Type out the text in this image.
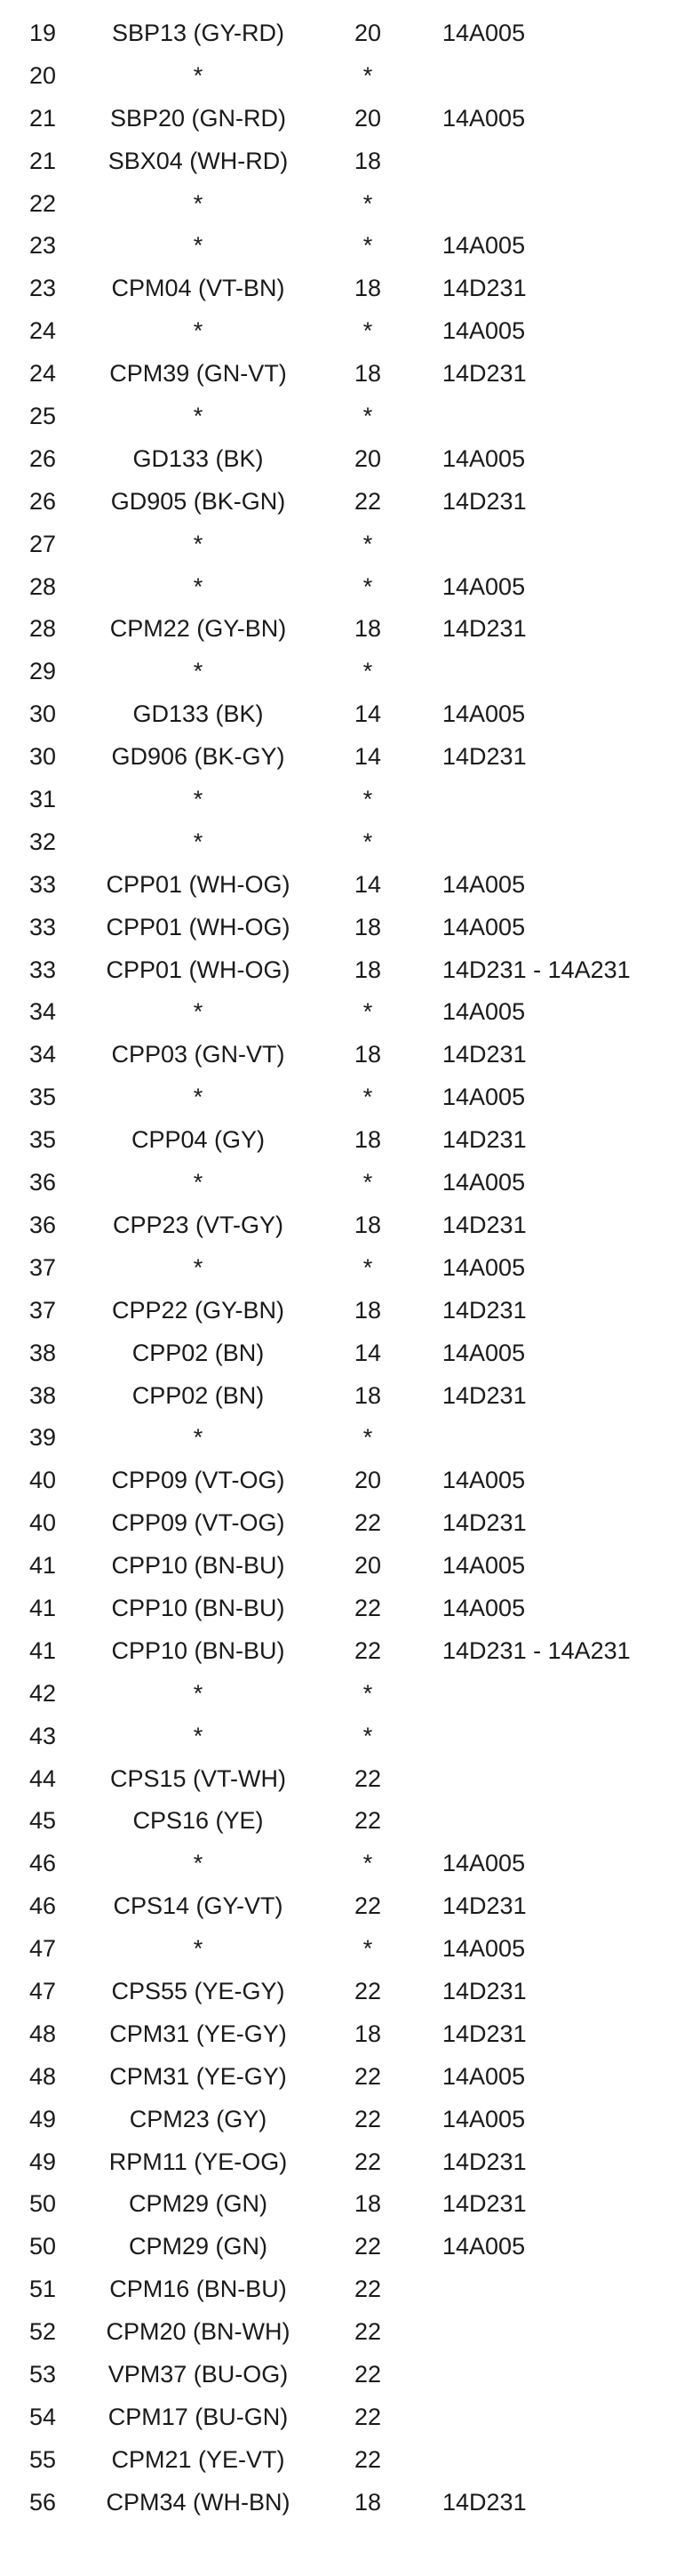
19	SBP13 (GY-RD)	20	14A005
20	*	*
21	SBP20 (GN-RD)	20	14A005
21	SBX04 (WH-RD)	18
22	*	*
23	*	*	14A005
23	CPM04 (VT-BN)	18	14D231
24	*	*	14A005
24	CPM39 (GN-VT)	18	14D231
25	*	*
26	GD133 (BK)	20	14A005
26	GD905 (BK-GN)	22	14D231
27	*	*
28	*	*	14A005
28	CPM22 (GY-BN)	18	14D231
29	*	*
30	GD133 (BK)	14	14A005
30	GD906 (BK-GY)	14	14D231
31	*	*
32	*	*
33	CPP01 (WH-OG)	14	14A005
33	CPP01 (WH-OG)	18	14A005
33	CPP01 (WH-OG)	18	14D231 - 14A231
34	*	*	14A005
34	CPP03 (GN-VT)	18	14D231
35	*	*	14A005
35	CPP04 (GY)	18	14D231
36	*	*	14A005
36	CPP23 (VT-GY)	18	14D231
37	*	*	14A005
37	CPP22 (GY-BN)	18	14D231
38	CPP02 (BN)	14	14A005
38	CPP02 (BN)	18	14D231
39	*	*
40	CPP09 (VT-OG)	20	14A005
40	CPP09 (VT-OG)	22	14D231
41	CPP10 (BN-BU)	20	14A005
41	CPP10 (BN-BU)	22	14A005
41	CPP10 (BN-BU)	22	14D231 - 14A231
42	*	*
43	*	*
44	CPS15 (VT-WH)	22
45	CPS16 (YE)	22
46	*	*	14A005
46	CPS14 (GY-VT)	22	14D231
47	*	*	14A005
47	CPS55 (YE-GY)	22	14D231
48	CPM31 (YE-GY)	18	14D231
48	CPM31 (YE-GY)	22	14A005
49	CPM23 (GY)	22	14A005
49	RPM11 (YE-OG)	22	14D231
50	CPM29 (GN)	18	14D231
50	CPM29 (GN)	22	14A005
51	CPM16 (BN-BU)	22
52	CPM20 (BN-WH)	22
53	VPM37 (BU-OG)	22
54	CPM17 (BU-GN)	22
55	CPM21 (YE-VT)	22
56	CPM34 (WH-BN)	18	14D231
